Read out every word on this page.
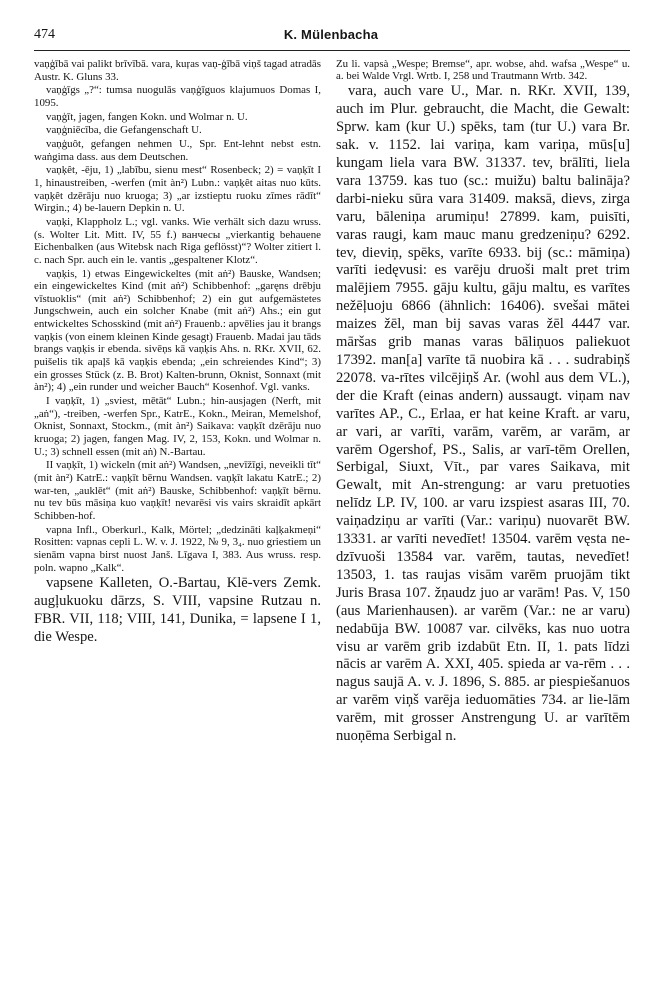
474	K. Mülenbacha

vaņģībā vai palikt brīvībā. vara, kuŗas vaņ-ģībā viņš tagad atradās Austr. K. Gluns 33.

vaņģīgs „?“: tumsa nuogulās vaņģīguos klajumuos Domas I, 1095.

vaņģīt, jagen, fangen Kokn. und Wolmar n. U.

vaņģniēcība, die Gefangenschaft U.

vaņģuôt, gefangen nehmen U., Spr. Ent-lehnt nebst estn. waṅgima dass. aus dem Deutschen.

vaņķêt, -ēju, 1) „labību, sienu mest“ Rosenbeck; 2) = vaņķīt I 1, hinaustreiben, -werfen (mit àn²) Lubn.: vaņķêt aitas nuo kūts. vaņķêt dzērāju nuo kruoga; 3) „ar izstieptu ruoku zīmes rādīt“ Wirgin.; 4) be-lauern Depkin n. U.

vaņķi, Klappholz L.; vgl. vanks. Wie verhält sich dazu wruss. (s. Wolter Lit. Mitt. IV, 55 f.) ванчесы „vierkantig behauene Eichenbalken (aus Witebsk nach Riga geflösst)“? Wolter zitiert l. c. nach Spr. auch ein le. vantis „gespaltener Klotz“.

vaņķis, 1) etwas Eingewickeltes (mit aṅ²) Bauske, Wandsen; ein eingewickeltes Kind (mit aṅ²) Schibbenhof: „garęns drēbju vīstuoklis“ (mit aṅ²) Schibbenhof; 2) ein gut aufgemästetes Jungschwein, auch ein solcher Knabe (mit aṅ²) Ahs.; ein gut entwickeltes Schosskind (mit aṅ²) Frauenb.: apvēlies jau it brangs vaņķis (von einem kleinen Kinde gesagt) Frauenb. Madai jau tāds brangs vaņķis ir ebenda. sivēņs kā vaņķis Ahs. n. RKr. XVII, 62. puišelis tik apaļš kā vaņķis ebenda; „ein schreiendes Kind“; 3) ein grosses Stück (z. B. Brot) Kalten-brunn, Oknist, Sonnaxt (mit àn²); 4) „ein runder und weicher Bauch“ Kosenhof. Vgl. vanks.

I vaņķīt, 1) „sviest, mētāt“ Lubn.; hin-ausjagen (Nerft, mit „aṅ“), -treiben, -werfen Spr., KatrE., Kokn., Meiran, Memelshof, Oknist, Sonnaxt, Stockm., (mit àn²) Saikava: vaņķīt dzērāju nuo kruoga; 2) jagen, fangen Mag. IV, 2, 153, Kokn. und Wolmar n. U.; 3) schnell essen (mit aṅ) N.-Bartau.

II vaņķīt, 1) wickeln (mit aṅ²) Wandsen, „nevīžīgi, neveikli tīt“ (mit àn²) KatrE.: vaņķīt bērnu Wandsen. vaņķīt lakatu KatrE.; 2) war-ten, „auklēt“ (mit aṅ²) Bauske, Schibbenhof: vaņķīt bērnu. nu tev būs māsiņa kuo vaņķīt! nevarēsi vis vairs skraidīt apkārt Schibben-hof.

vapna Infl., Oberkurl., Kalk, Mörtel; „dedzināti kaļķakmeņi“ Rositten: vapnas cepli L. W. v. J. 1922, № 9, 3₄. nuo griestiem un sienām vapna birst nuost Janš. Līgava I, 383. Aus wruss. resp. poln. wapno „Kalk“.

vapsene Kalleten, O.-Bartau, Klē-vers Zemk. augļukuoku dārzs, S. VIII, vapsine Rutzau n. FBR. VII, 118; VIII, 141, Dunika, = lapsene I 1, die Wespe.

Zu li. vapsà „Wespe; Bremse“, apr. wobse, ahd. wafsa „Wespe“ u. a. bei Walde Vrgl. Wrtb. I, 258 und Trautmann Wrtb. 342.

vara, auch vare U., Mar. n. RKr. XVII, 139, auch im Plur. gebraucht, die Macht, die Gewalt: Sprw. kam (kur U.) spēks, tam (tur U.) vara Br. sak. v. 1152. lai variņa, kam variņa, mūs[u] kungam liela vara BW. 31337. tev, brālīti, liela vara 13759. kas tuo (sc.: muižu) baltu balināja? darbi-nieku sūra vara 31409. maksā, dievs, zirga varu, bāleniņa arumiņu! 27899. kam, puisīti, varas raugi, kam mauc manu gredzeniņu? 6292. tev, dieviņ, spēks, varīte 6933. bij (sc.: māmiņa) varīti iedęvusi: es varēju druoši malt pret trim malējiem 7955. gāju kultu, gāju maltu, es varītes nežēļuoju 6866 (ähnlich: 16406). svešai mātei maizes žēl, man bij savas varas žēl 4447 var. māršas grib manas varas bāliņuos paliekuot 17392. man[a] varīte tā nuobira kā . . . sudrabiņš 22078. va-rītes vilcējiņš Ar. (wohl aus dem VL.), der die Kraft (einas andern) aussaugt. viņam nav varītes AP., C., Erlaa, er hat keine Kraft. ar varu, ar vari, ar varīti, varām, varēm, ar varām, ar varēm Ogershof, PS., Salis, ar varī-tēm Orellen, Serbigal, Siuxt, Vīt., par vares Saikava, mit Gewalt, mit An-strengung: ar varu pretuoties nelīdz LP. IV, 100. ar varu izspiest asaras III, 70. vaiņadziņu ar varīti (Var.: variņu) nuovarēt BW. 13331. ar varīti nevedīet! 13504. varēm vęsta ne-dzīvuoši 13584 var. varēm, tautas, nevedīet! 13503, 1. tas raujas visām varēm pruojām tikt Juris Brasa 107. žņaudz juo ar varām! Pas. V, 150 (aus Marienhausen). ar varēm (Var.: ne ar varu) nedabūja BW. 10087 var. cilvēks, kas nuo uotra visu ar varēm grib izdabūt Etn. II, 1. pats līdzi nācis ar varēm A. XXI, 405. spieda ar va-rēm . . . nagus saujā A. v. J. 1896, S. 885. ar piespiešanuos ar varēm viņš varēja ieduomāties 734. ar lie-lām varēm, mit grosser Anstrengung U. ar varītēm nuoņēma Serbigal n.
